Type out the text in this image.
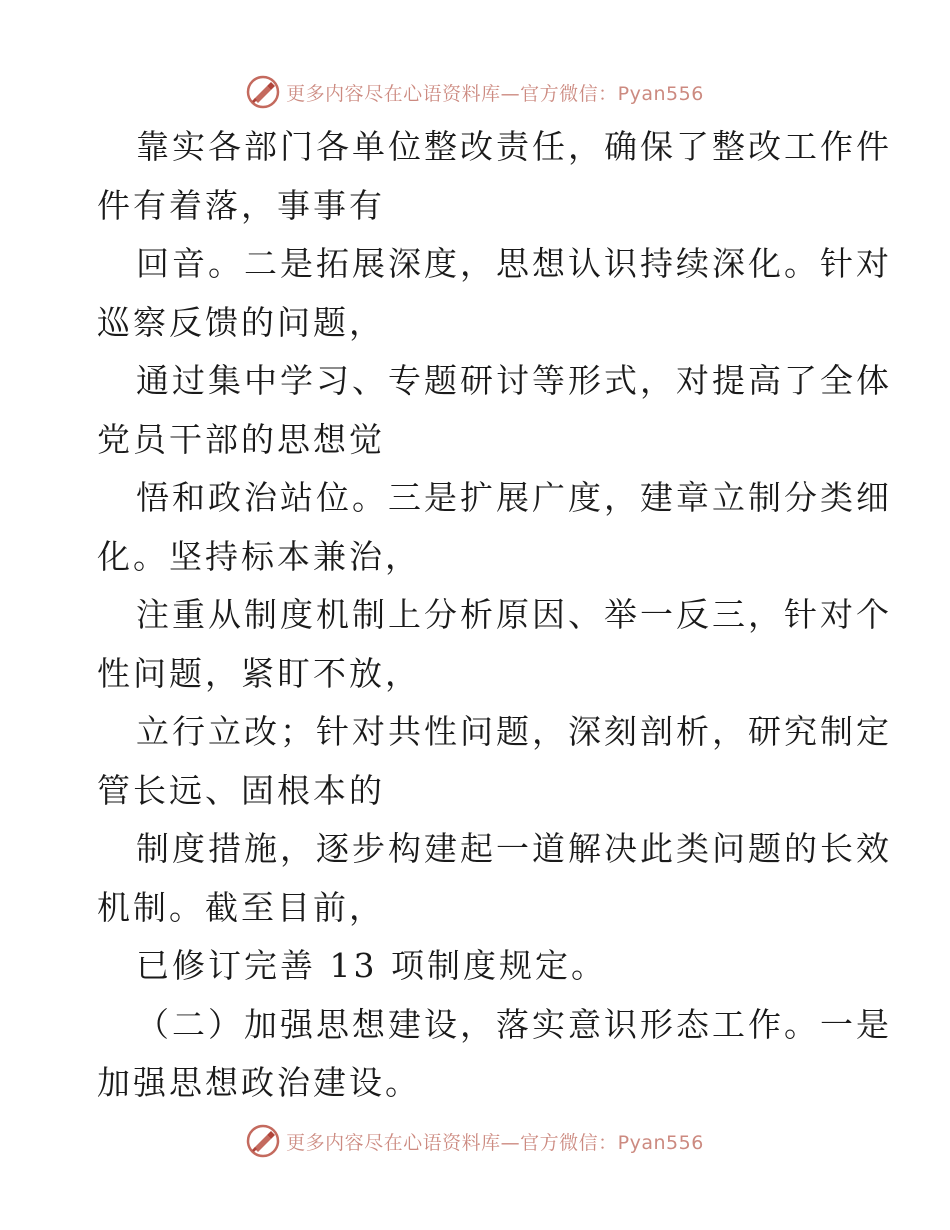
更多内容尽在心语资料库—官方微信：Pyan556

靠实各部门各单位整改责任，确保了整改工作件
件有着落，事事有

回音。二是拓展深度，思想认识持续深化。针对
巡察反馈的问题，

通过集中学习、专题研讨等形式，对提高了全体
党员干部的思想觉

悟和政治站位。三是扩展广度，建章立制分类细
化。坚持标本兼治，

注重从制度机制上分析原因、举一反三，针对个
性问题，紧盯不放，

立行立改；针对共性问题，深刻剖析，研究制定
管长远、固根本的

制度措施，逐步构建起一道解决此类问题的长效
机制。截至目前，

已修订完善 13 项制度规定。

（二）加强思想建设，落实意识形态工作。一是
加强思想政治建设。

更多内容尽在心语资料库—官方微信：Pyan556
